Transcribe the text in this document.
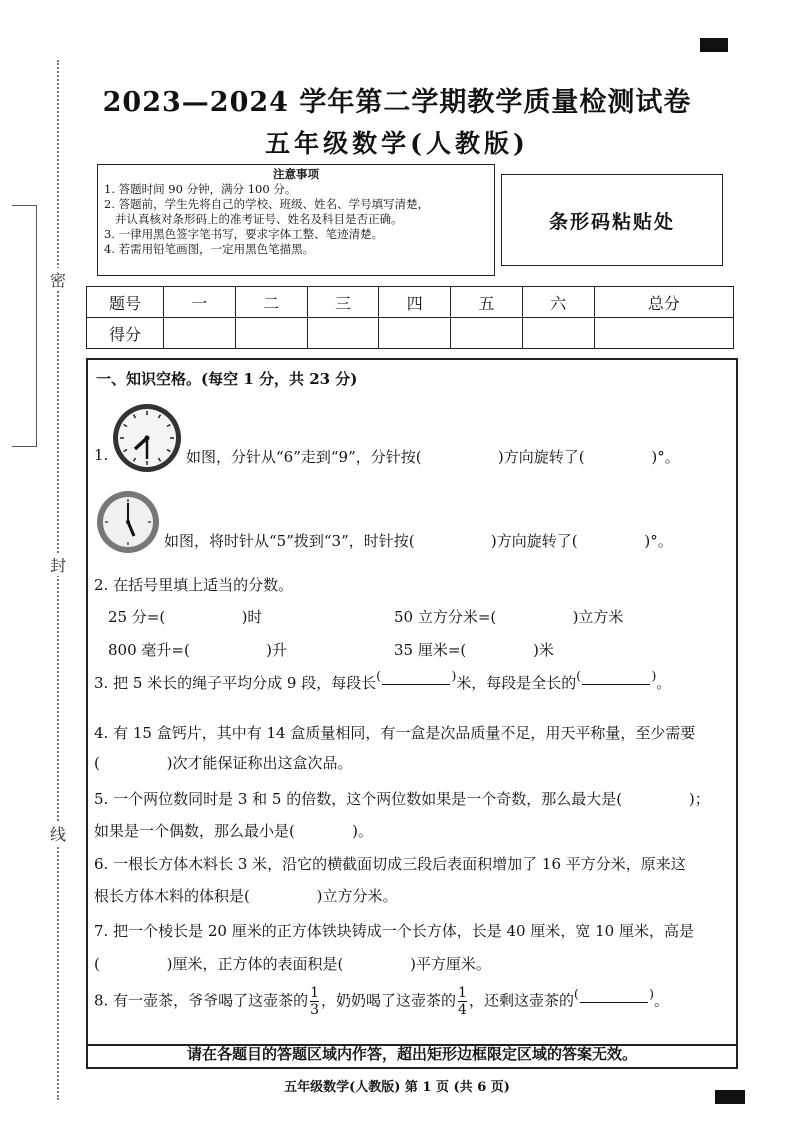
密
封
线
2023—2024 学年第二学期教学质量检测试卷
五年级数学(人教版)
注意事项
1. 答题时间 90 分钟，满分 100 分。
2. 答题前，学生先将自己的学校、班级、姓名、学号填写清楚，
并认真核对条形码上的准考证号、姓名及科目是否正确。
3. 一律用黑色签字笔书写，要求字体工整、笔迹清楚。
4. 若需用铅笔画图，一定用黑色笔描黑。
条形码粘贴处
题号	一	二	三	四	五	六	总分
得分							
一、知识空格。(每空 1 分，共 23 分)
1.	如图，分针从“6”走到“9”，分针按(                )方向旋转了(              )°。
如图，将时针从“5”拨到“3”，时针按(                )方向旋转了(              )°。
2. 在括号里填上适当的分数。
25 分=(                )时	50 立方分米=(                )立方米
800 毫升=(                )升	35 厘米=(              )米
3. 把 5 米长的绳子平均分成 9 段，每段长 (	) 米，每段是全长的 (	) 。
4. 有 15 盒钙片，其中有 14 盒质量相同，有一盒是次品质量不足，用天平称量，至少需要
(              )次才能保证称出这盒次品。
5. 一个两位数同时是 3 和 5 的倍数，这个两位数如果是一个奇数，那么最大是(              )；
如果是一个偶数，那么最小是(            )。
6. 一根长方体木料长 3 米，沿它的横截面切成三段后表面积增加了 16 平方分米，原来这
根长方体木料的体积是(              )立方分米。
7. 把一个棱长是 20 厘米的正方体铁块铸成一个长方体，长是 40 厘米，宽 10 厘米，高是
(              )厘米，正方体的表面积是(              )平方厘米。
8. 有一壶茶，爷爷喝了这壶茶的 $\frac{1}{3}$ ，奶奶喝了这壶茶的 $\frac{1}{4}$ ，还剩这壶茶的 (	) 。
请在各题目的答题区域内作答，超出矩形边框限定区域的答案无效。
五年级数学(人教版) 第 1 页 (共 6 页)
